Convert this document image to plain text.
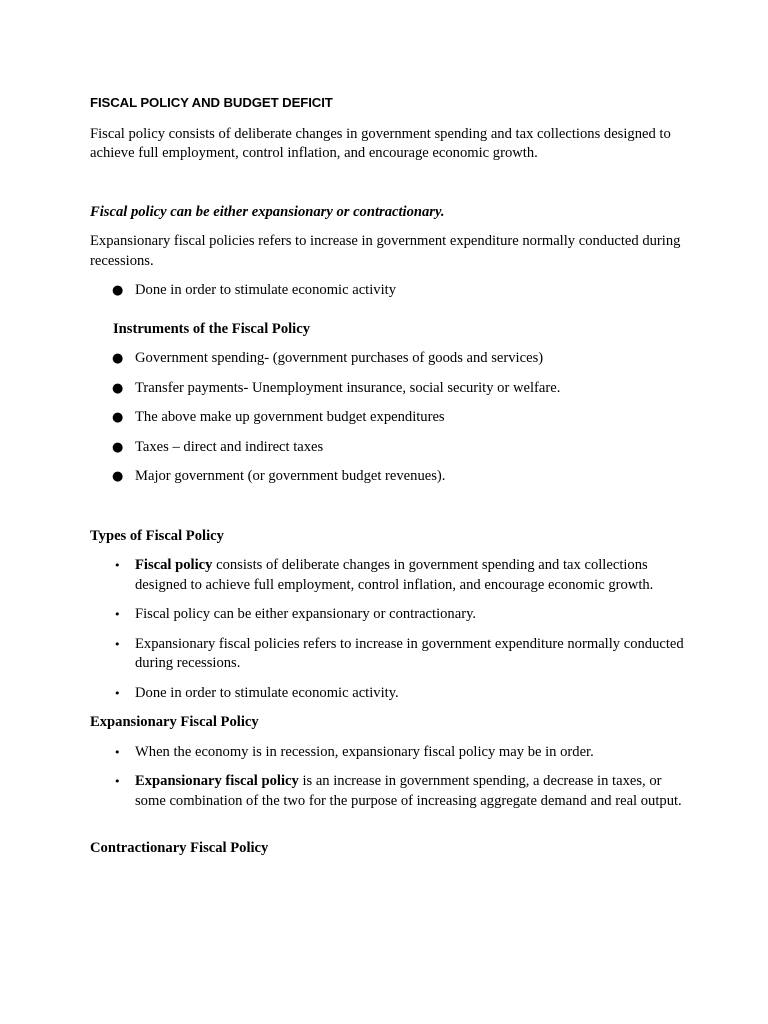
FISCAL POLICY AND BUDGET DEFICIT

Fiscal policy consists of deliberate changes in government spending and tax collections designed to achieve full employment, control inflation, and encourage economic growth.

Fiscal policy can be either expansionary or contractionary.

Expansionary fiscal policies refers to increase in government expenditure normally conducted during recessions.

● Done in order to stimulate economic activity

Instruments of the Fiscal Policy

● Government spending- (government purchases of goods and services)
● Transfer payments- Unemployment insurance, social security or welfare.
● The above make up government budget expenditures
● Taxes – direct and indirect taxes
● Major government (or government budget revenues).

Types of Fiscal Policy

• Fiscal policy consists of deliberate changes in government spending and tax collections designed to achieve full employment, control inflation, and encourage economic growth.
• Fiscal policy can be either expansionary or contractionary.
• Expansionary fiscal policies refers to increase in government expenditure normally conducted during recessions.
• Done in order to stimulate economic activity.

Expansionary Fiscal Policy

• When the economy is in recession, expansionary fiscal policy may be in order.
• Expansionary fiscal policy is an increase in government spending, a decrease in taxes, or some combination of the two for the purpose of increasing aggregate demand and real output.

Contractionary Fiscal Policy
